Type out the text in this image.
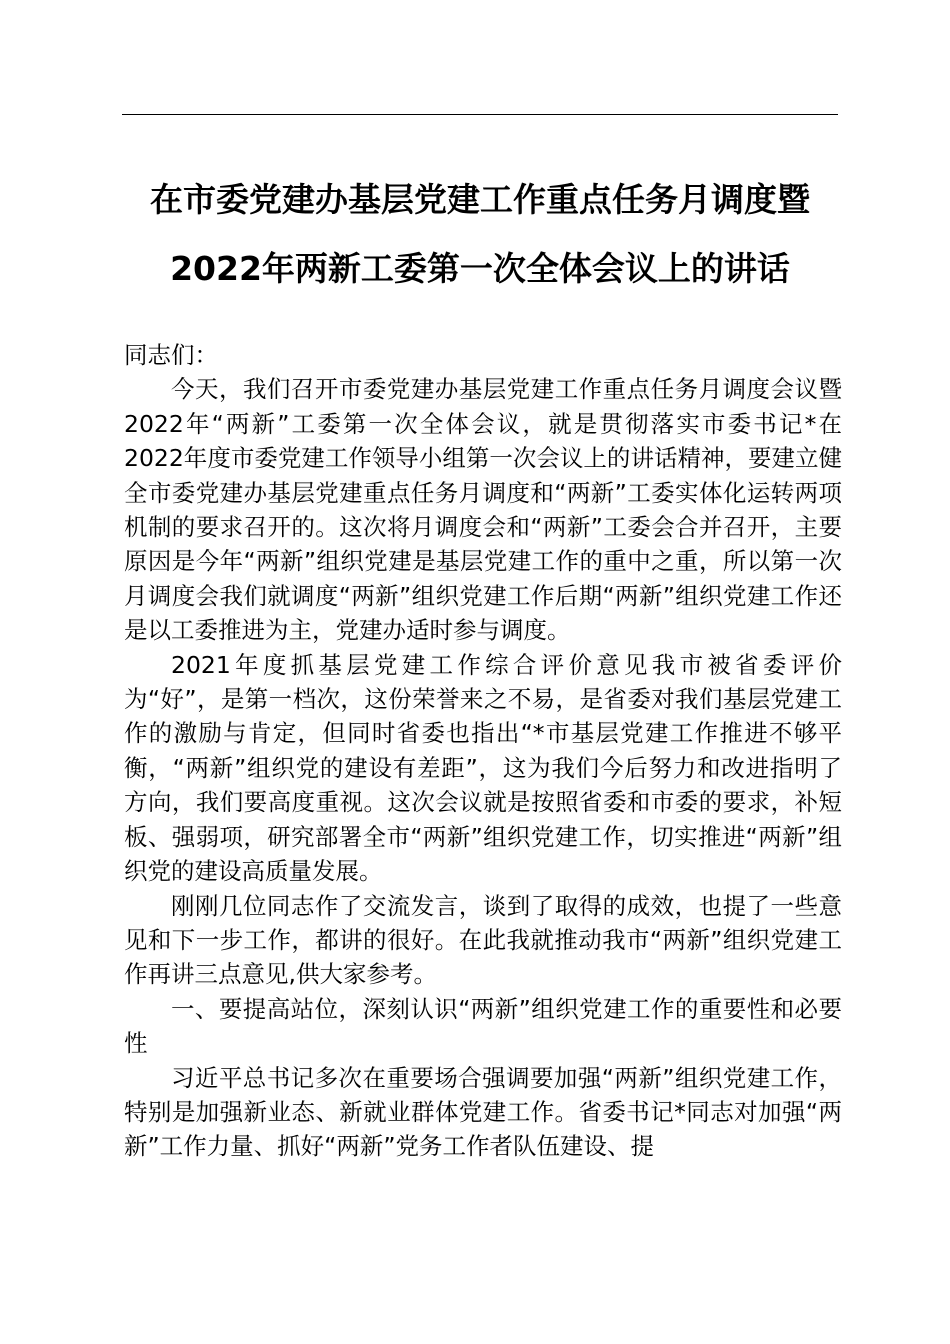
在市委党建办基层党建工作重点任务月调度暨
2022年两新工委第一次全体会议上的讲话

同志们：

今天，我们召开市委党建办基层党建工作重点任务月调度会议暨2022年“两新”工委第一次全体会议，就是贯彻落实市委书记*在2022年度市委党建工作领导小组第一次会议上的讲话精神，要建立健全市委党建办基层党建重点任务月调度和“两新”工委实体化运转两项机制的要求召开的。这次将月调度会和“两新”工委会合并召开，主要原因是今年“两新”组织党建是基层党建工作的重中之重，所以第一次月调度会我们就调度“两新”组织党建工作后期“两新”组织党建工作还是以工委推进为主，党建办适时参与调度。

2021年度抓基层党建工作综合评价意见我市被省委评价为“好”，是第一档次，这份荣誉来之不易，是省委对我们基层党建工作的激励与肯定，但同时省委也指出“*市基层党建工作推进不够平衡，“两新”组织党的建设有差距”，这为我们今后努力和改进指明了方向，我们要高度重视。这次会议就是按照省委和市委的要求，补短板、强弱项，研究部署全市“两新”组织党建工作，切实推进“两新”组织党的建设高质量发展。

刚刚几位同志作了交流发言，谈到了取得的成效，也提了一些意见和下一步工作，都讲的很好。在此我就推动我市“两新”组织党建工作再讲三点意见,供大家参考。

一、要提高站位，深刻认识“两新”组织党建工作的重要性和必要性

习近平总书记多次在重要场合强调要加强“两新”组织党建工作，特别是加强新业态、新就业群体党建工作。省委书记*同志对加强“两新”工作力量、抓好“两新”党务工作者队伍建设、提
